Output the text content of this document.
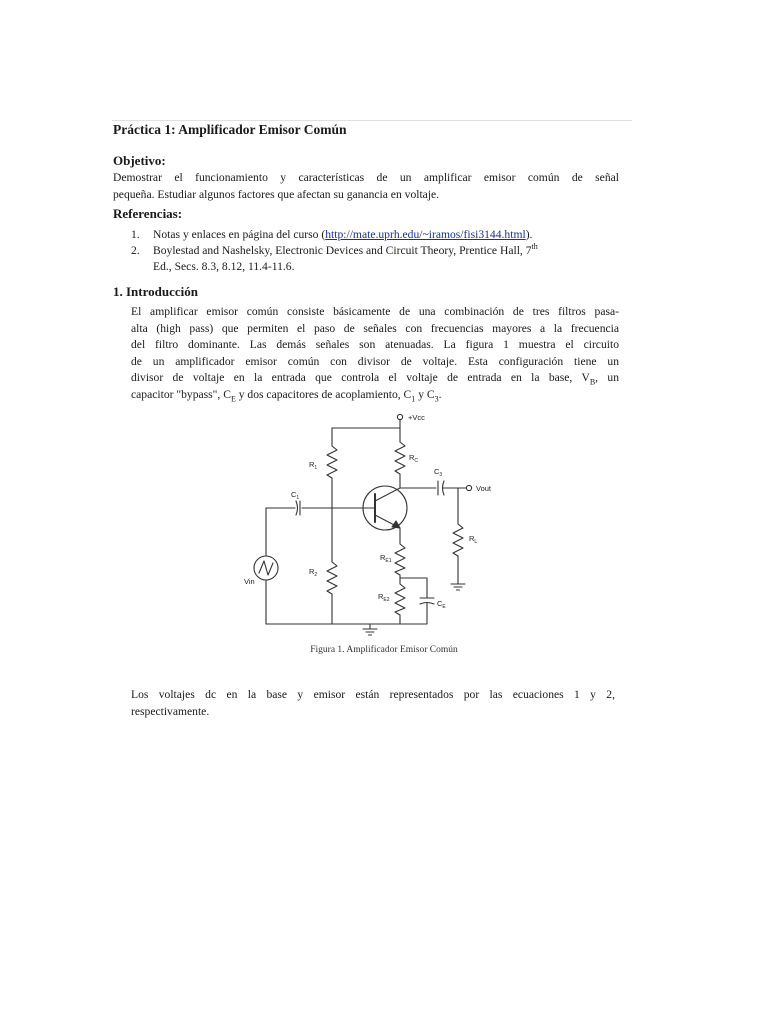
Práctica 1: Amplificador Emisor Común
Objetivo:
Demostrar el funcionamiento y características de un amplificar emisor común de señal
pequeña. Estudiar algunos factores que afectan su ganancia en voltaje.
Referencias:
1. Notas y enlaces en página del curso (http://mate.uprh.edu/~iramos/fisi3144.html).
2. Boylestad and Nashelsky, Electronic Devices and Circuit Theory, Prentice Hall, 7th
Ed., Secs. 8.3, 8.12, 11.4-11.6.
1. Introducción
El amplificar emisor común consiste básicamente de una combinación de tres filtros pasa-
alta (high pass) que permiten el paso de señales con frecuencias mayores a la frecuencia
del filtro dominante. Las demás señales son atenuadas. La figura 1 muestra el circuito
de un amplificador emisor común con divisor de voltaje. Esta configuración tiene un
divisor de voltaje en la entrada que controla el voltaje de entrada en la base, $V_B$, un
capacitor "bypass", $C_E$ y dos capacitores de acoplamiento, $C_1$ y $C_3$.
+Vcc
$R_1$
$R_2$
$R_C$
$C_1$
$C_3$
Vout
$R_L$
$R_{E1}$
$R_{E2}$	$C_E$
Vin
Figura 1. Amplificador Emisor Común
Los voltajes dc en la base y emisor están representados por las ecuaciones 1 y 2,
respectivamente.
